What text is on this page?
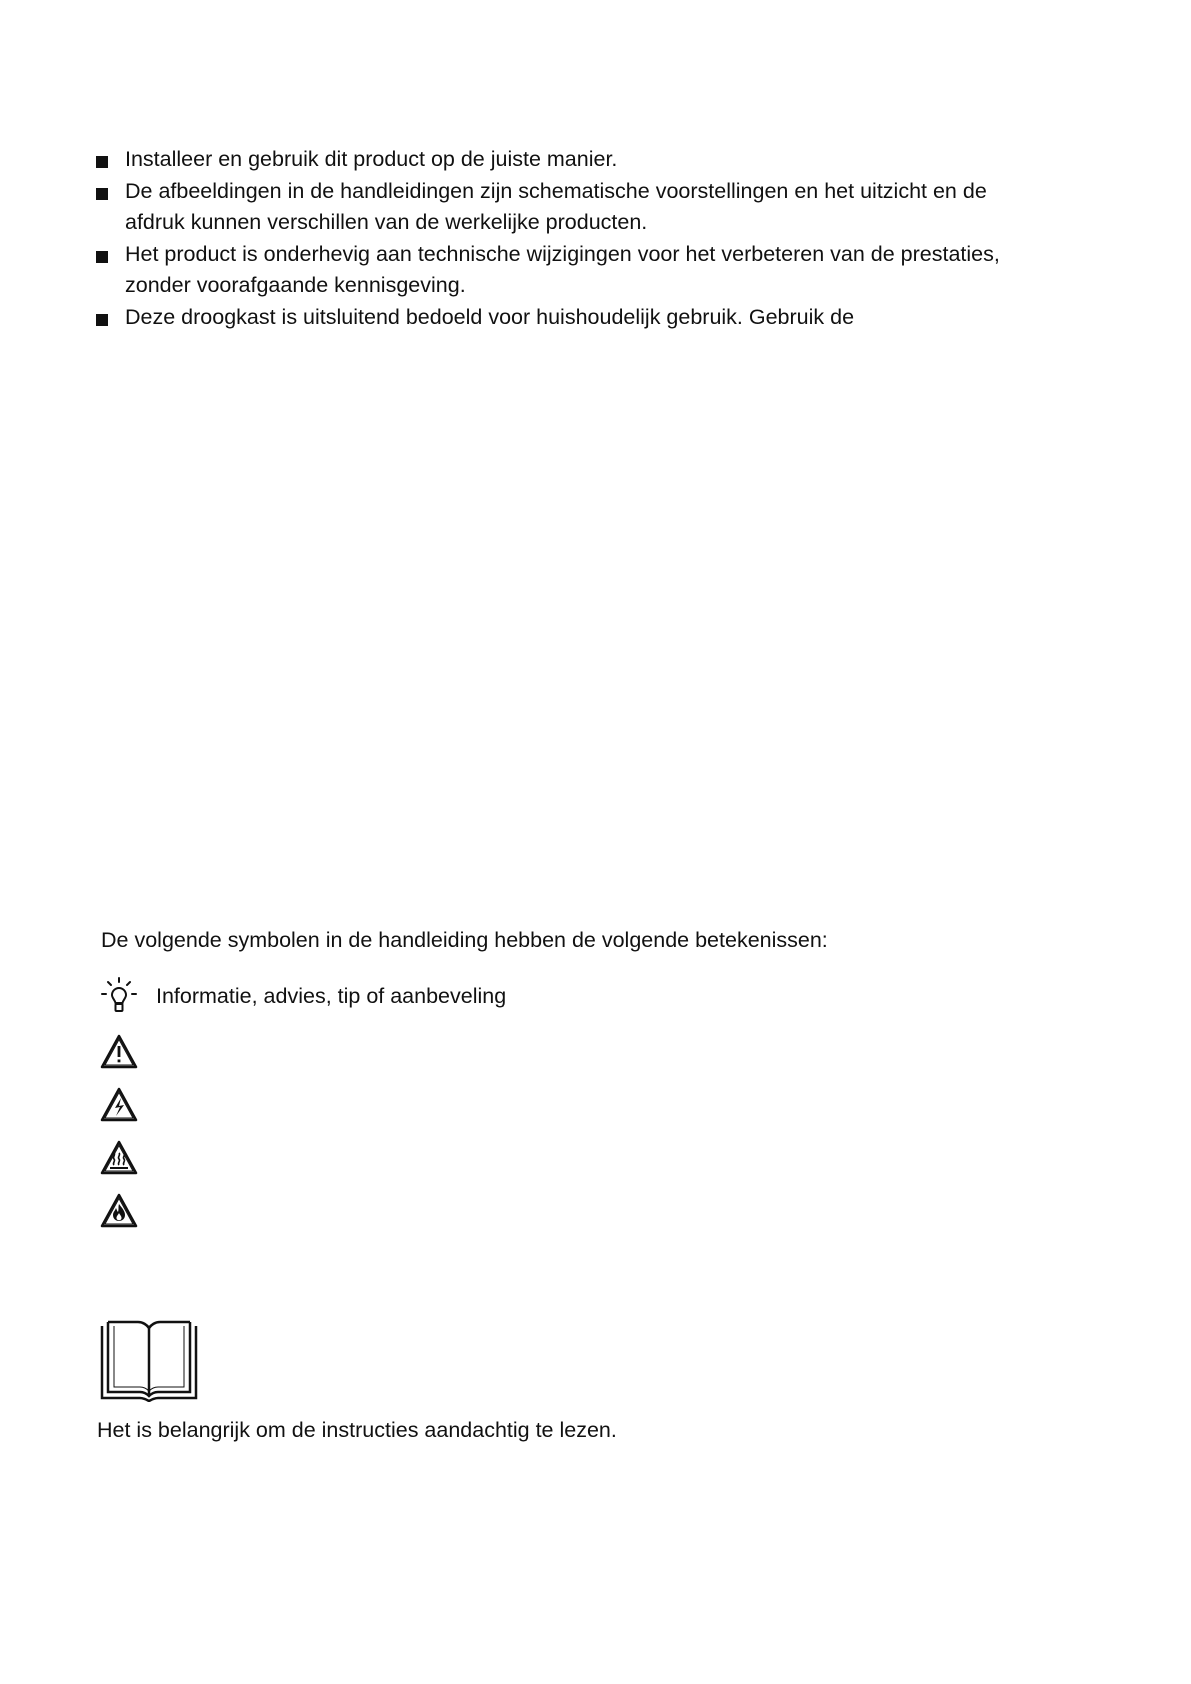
Installeer en gebruik dit product op de juiste manier.
De afbeeldingen in de handleidingen zijn schematische voorstellingen en het uitzicht en de afdruk kunnen verschillen van de werkelijke producten.
Het product is onderhevig aan technische wijzigingen voor het verbeteren van de prestaties, zonder voorafgaande kennisgeving.
Deze droogkast is uitsluitend bedoeld voor huishoudelijk gebruik. Gebruik de
De volgende symbolen in de handleiding hebben de volgende betekenissen:
Informatie, advies, tip of aanbeveling
Het is belangrijk om de instructies aandachtig te lezen.
